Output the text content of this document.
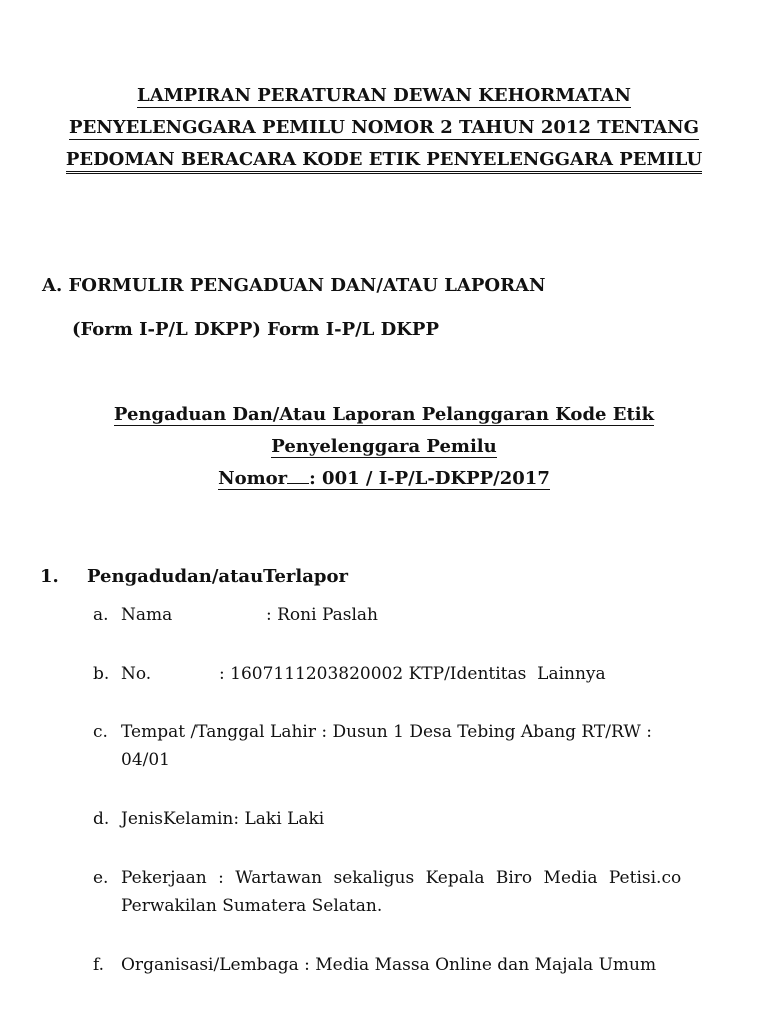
LAMPIRAN PERATURAN DEWAN KEHORMATAN
PENYELENGGARA PEMILU NOMOR 2 TAHUN 2012 TENTANG
PEDOMAN BERACARA KODE ETIK PENYELENGGARA PEMILU
A. FORMULIR PENGADUAN DAN/ATAU LAPORAN
(Form I-P/L DKPP) Form I-P/L DKPP
Pengaduan Dan/Atau Laporan Pelanggaran Kode Etik
Penyelenggara Pemilu
Nomor : 001 / I-P/L-DKPP/2017
1. Pengadudan/atauTerlapor
a. Nama	: Roni Paslah
b. No.	: 1607111203820002 KTP/Identitas  Lainnya
c. Tempat /Tanggal Lahir : Dusun 1 Desa Tebing Abang RT/RW :
04/01
d. JenisKelamin: Laki Laki
e. Pekerjaan : Wartawan sekaligus Kepala Biro Media Petisi.co
Perwakilan Sumatera Selatan.
f. Organisasi/Lembaga : Media Massa Online dan Majala Umum
